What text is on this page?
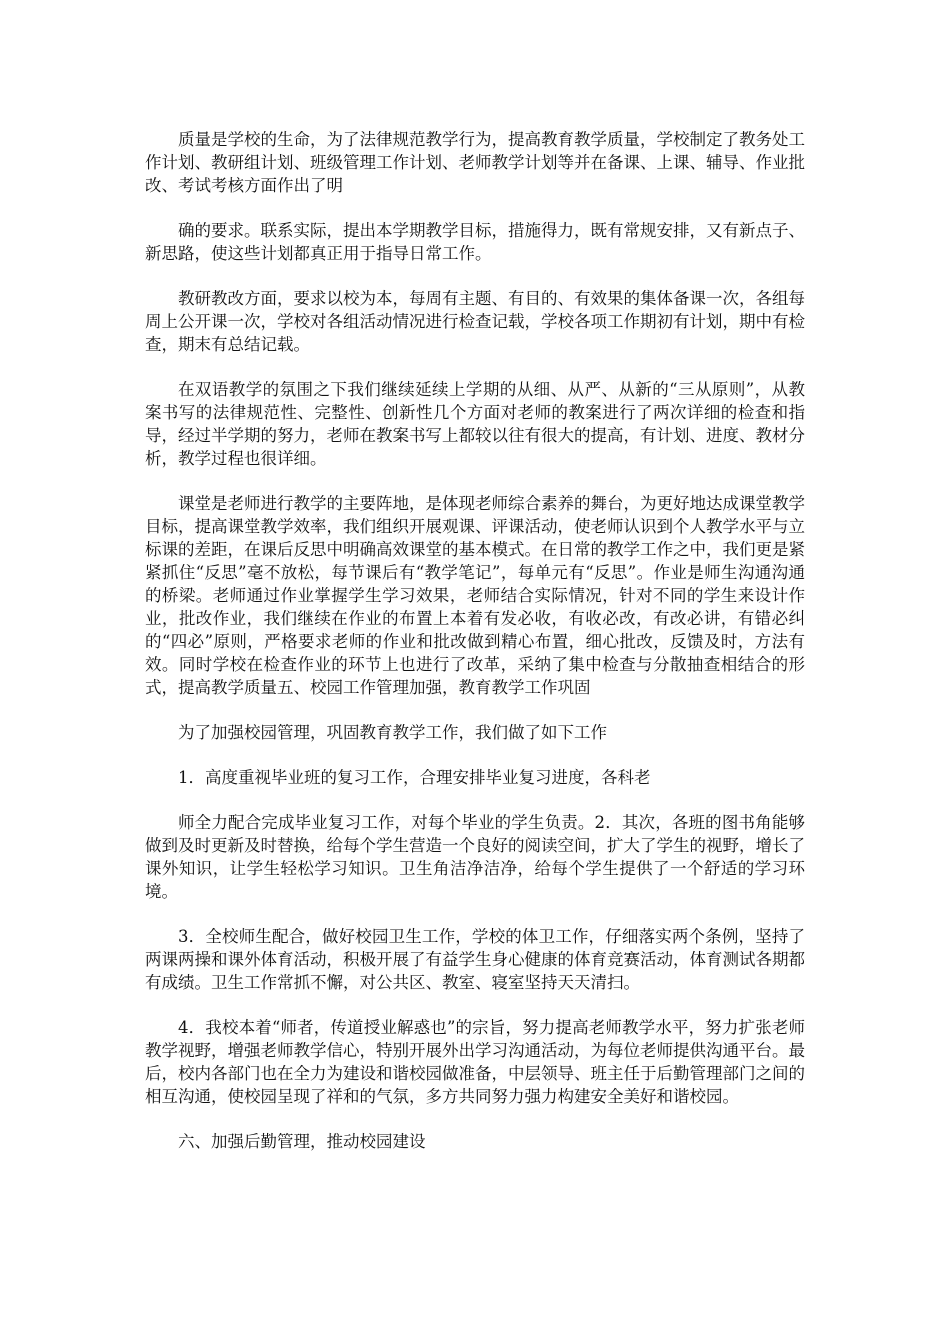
质量是学校的生命，为了法律规范教学行为，提高教育教学质量，学校制定了教务处工作计划、教研组计划、班级管理工作计划、老师教学计划等并在备课、上课、辅导、作业批改、考试考核方面作出了明

确的要求。联系实际，提出本学期教学目标，措施得力，既有常规安排，又有新点子、新思路，使这些计划都真正用于指导日常工作。

教研教改方面，要求以校为本，每周有主题、有目的、有效果的集体备课一次，各组每周上公开课一次，学校对各组活动情况进行检查记载，学校各项工作期初有计划，期中有检查，期末有总结记载。

在双语教学的氛围之下我们继续延续上学期的从细、从严、从新的“三从原则”，从教案书写的法律规范性、完整性、创新性几个方面对老师的教案进行了两次详细的检查和指导，经过半学期的努力，老师在教案书写上都较以往有很大的提高，有计划、进度、教材分析，教学过程也很详细。

课堂是老师进行教学的主要阵地，是体现老师综合素养的舞台，为更好地达成课堂教学目标，提高课堂教学效率，我们组织开展观课、评课活动，使老师认识到个人教学水平与立标课的差距，在课后反思中明确高效课堂的基本模式。在日常的教学工作之中，我们更是紧紧抓住“反思”毫不放松，每节课后有“教学笔记”，每单元有“反思”。作业是师生沟通沟通的桥梁。老师通过作业掌握学生学习效果，老师结合实际情况，针对不同的学生来设计作业，批改作业，我们继续在作业的布置上本着有发必收，有收必改，有改必讲，有错必纠的“四必”原则，严格要求老师的作业和批改做到精心布置，细心批改，反馈及时，方法有效。同时学校在检查作业的环节上也进行了改革，采纳了集中检查与分散抽查相结合的形式，提高教学质量五、校园工作管理加强，教育教学工作巩固

为了加强校园管理，巩固教育教学工作，我们做了如下工作

1．高度重视毕业班的复习工作，合理安排毕业复习进度，各科老

师全力配合完成毕业复习工作，对每个毕业的学生负责。2．其次，各班的图书角能够做到及时更新及时替换，给每个学生营造一个良好的阅读空间，扩大了学生的视野，增长了课外知识，让学生轻松学习知识。卫生角洁净洁净，给每个学生提供了一个舒适的学习环境。

3．全校师生配合，做好校园卫生工作，学校的体卫工作，仔细落实两个条例，坚持了两课两操和课外体育活动，积极开展了有益学生身心健康的体育竞赛活动，体育测试各期都有成绩。卫生工作常抓不懈，对公共区、教室、寝室坚持天天清扫。

4．我校本着“师者，传道授业解惑也”的宗旨，努力提高老师教学水平，努力扩张老师教学视野，增强老师教学信心，特别开展外出学习沟通活动，为每位老师提供沟通平台。最后，校内各部门也在全力为建设和谐校园做准备，中层领导、班主任于后勤管理部门之间的相互沟通，使校园呈现了祥和的气氛，多方共同努力强力构建安全美好和谐校园。

六、加强后勤管理，推动校园建设
